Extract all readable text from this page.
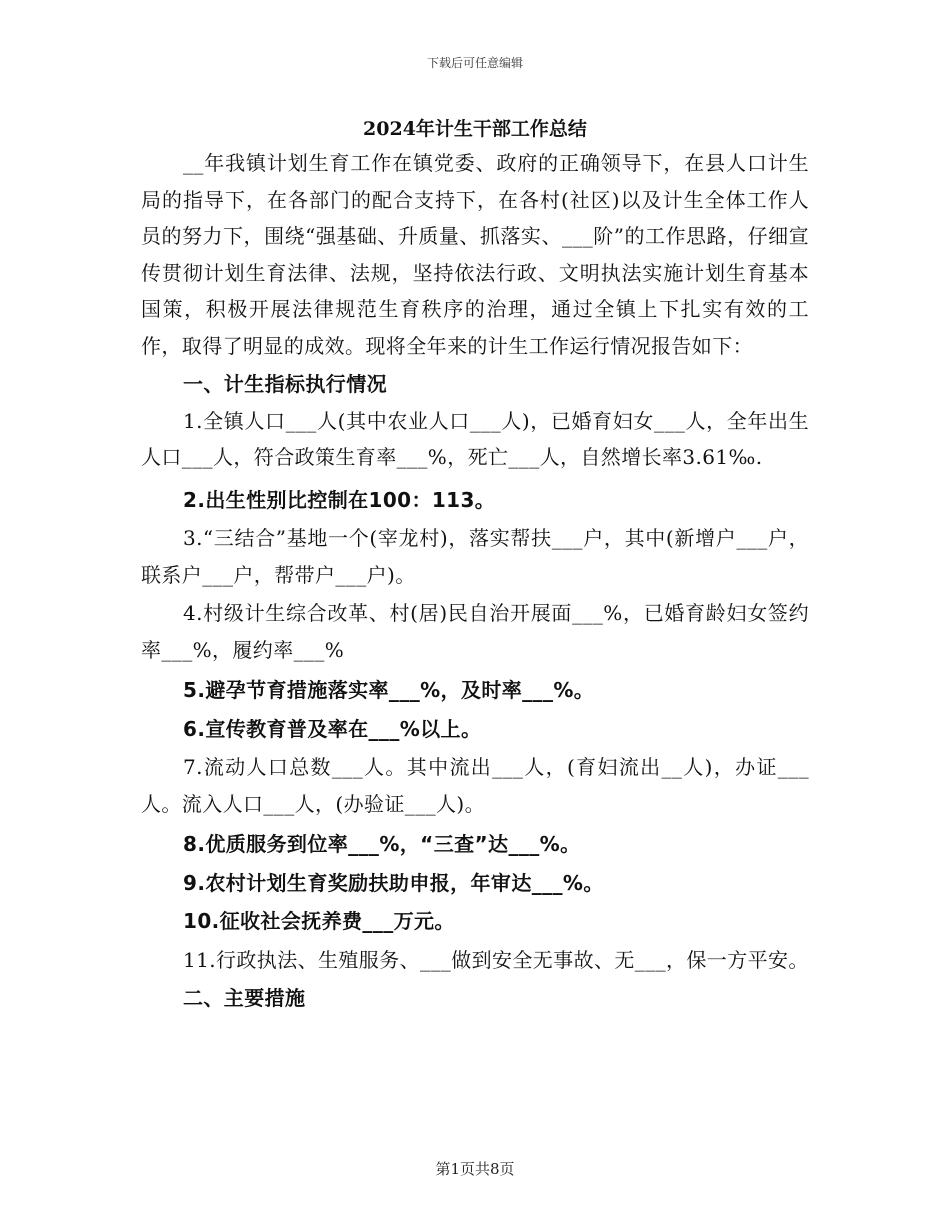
下载后可任意编辑
2024年计生干部工作总结

__年我镇计划生育工作在镇党委、政府的正确领导下，在县人口计生局的指导下，在各部门的配合支持下，在各村(社区)以及计生全体工作人员的努力下，围绕“强基础、升质量、抓落实、___阶”的工作思路，仔细宣传贯彻计划生育法律、法规，坚持依法行政、文明执法实施计划生育基本国策，积极开展法律规范生育秩序的治理，通过全镇上下扎实有效的工作，取得了明显的成效。现将全年来的计生工作运行情况报告如下：

一、计生指标执行情况

1.全镇人口___人(其中农业人口___人)，已婚育妇女___人，全年出生人口___人，符合政策生育率___%，死亡___人，自然增长率3.61‰.

2.出生性别比控制在100：113。

3.“三结合”基地一个(宰龙村)，落实帮扶___户，其中(新增户___户，联系户___户，帮带户___户)。

4.村级计生综合改革、村(居)民自治开展面___%，已婚育龄妇女签约率___%，履约率___%

5.避孕节育措施落实率___%，及时率___%。

6.宣传教育普及率在___%以上。

7.流动人口总数___人。其中流出___人，(育妇流出__人)，办证___人。流入人口___人，(办验证___人)。

8.优质服务到位率___%，“三查”达___%。

9.农村计划生育奖励扶助申报，年审达___%。

10.征收社会抚养费___万元。

11.行政执法、生殖服务、___做到安全无事故、无___，保一方平安。

二、主要措施

第1页共8页
